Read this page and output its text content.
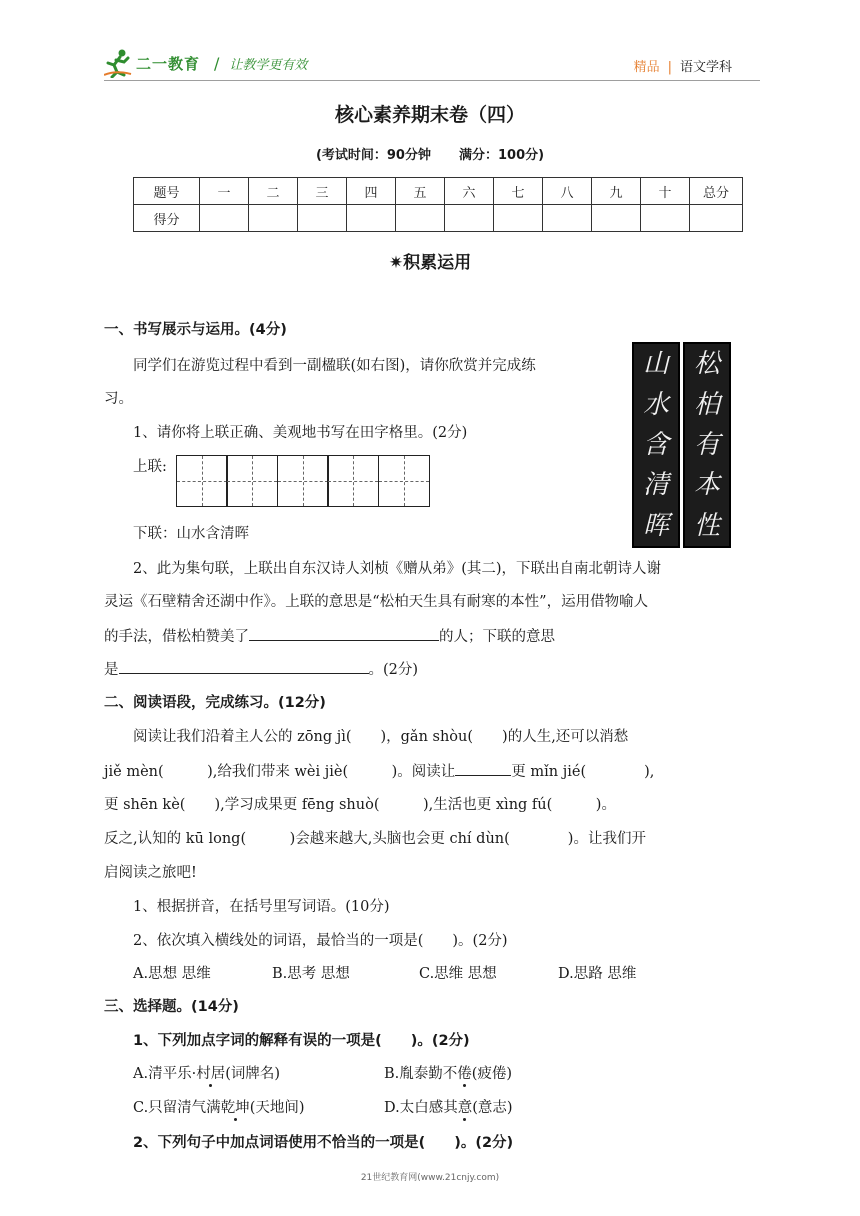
二一教育 / 让教学更有效	精品 | 语文学科
核心素养期末卷（四）
(考试时间：90分钟 满分：100分)
题号	一	二	三	四	五	六	七	八	九	十	总分
得分											
✷积累运用
一、书写展示与运用。(4分)
同学们在游览过程中看到一副楹联(如右图)，请你欣赏并完成练
习。
1、请你将上联正确、美观地书写在田字格里。(2分)
上联:
下联：山水含清晖
山
水
含
清
晖
松
柏
有
本
性
2、此为集句联，上联出自东汉诗人刘桢《赠从弟》(其二)，下联出自南北朝诗人谢
灵运《石壁精舍还湖中作》。上联的意思是“松柏天生具有耐寒的本性”，运用借物喻人
的手法，借松柏赞美了	的人；下联的意思
是	。(2分)
二、阅读语段，完成练习。(12分)
阅读让我们沿着主人公的 zōng jì(　　)，gǎn shòu(　　)的人生,还可以消愁
jiě mèn(　　　),给我们带来 wèi jiè(　　　)。阅读让	更 mǐn jié(　　　　),
更 shēn kè(　　),学习成果更 fēng shuò(　　　),生活也更 xìng fú(　　　)。
反之,认知的 kū long(　　　)会越来越大,头脑也会更 chí dùn(　　　　)。让我们开
启阅读之旅吧!
1、根据拼音，在括号里写词语。(10分)
2、依次填入横线处的词语，最恰当的一项是(　　)。(2分)
A.思想 思维	B.思考 思想	C.思维 思想	D.思路 思维
三、选择题。(14分)
1、下列加点字词的解释有误的一项是(　　)。(2分)
A.清平乐·村居(词牌名)	B.胤泰勤不倦(疲倦)
C.只留清气满乾坤(天地间)	D.太白感其意(意志)
2、下列句子中加点词语使用不恰当的一项是(　　)。(2分)
21世纪教育网(www.21cnjy.com)
